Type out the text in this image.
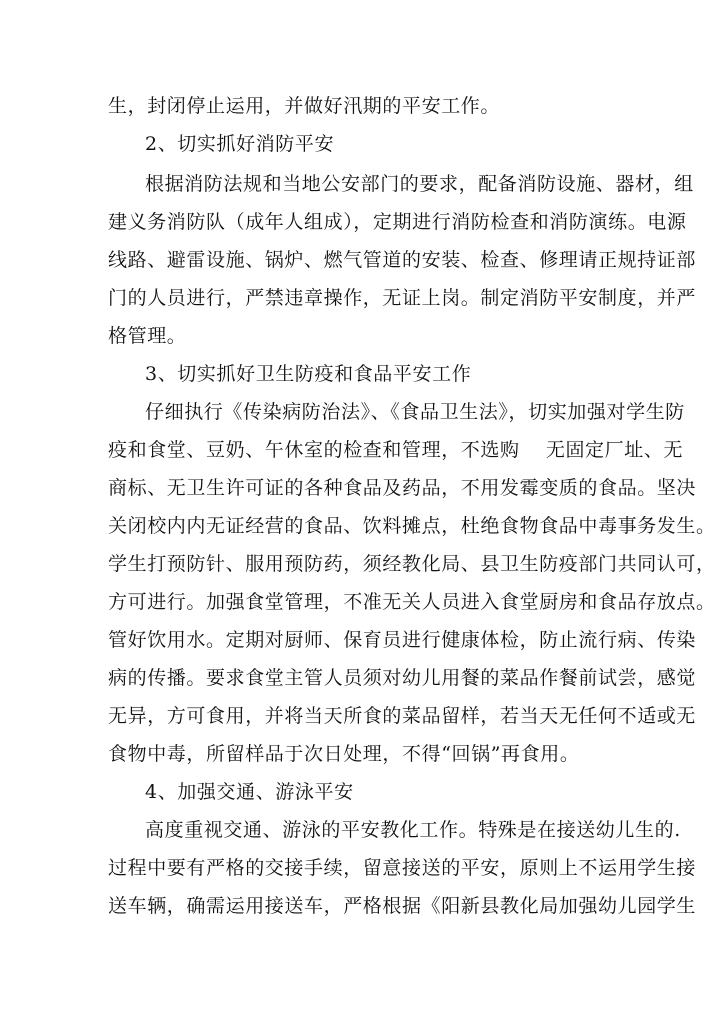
生，封闭停止运用，并做好汛期的平安工作。
2、切实抓好消防平安
根据消防法规和当地公安部门的要求，配备消防设施、器材，组
建义务消防队（成年人组成），定期进行消防检查和消防演练。电源
线路、避雷设施、锅炉、燃气管道的安装、检查、修理请正规持证部
门的人员进行，严禁违章操作，无证上岗。制定消防平安制度，并严
格管理。
3、切实抓好卫生防疫和食品平安工作
仔细执行《传染病防治法》、《食品卫生法》，切实加强对学生防
疫和食堂、豆奶、午休室的检查和管理，不选购　 无固定厂址、无
商标、无卫生许可证的各种食品及药品，不用发霉变质的食品。坚决
关闭校内内无证经营的食品、饮料摊点，杜绝食物食品中毒事务发生。
学生打预防针、服用预防药，须经教化局、县卫生防疫部门共同认可，
方可进行。加强食堂管理，不准无关人员进入食堂厨房和食品存放点。
管好饮用水。定期对厨师、保育员进行健康体检，防止流行病、传染
病的传播。要求食堂主管人员须对幼儿用餐的菜品作餐前试尝，感觉
无异，方可食用，并将当天所食的菜品留样，若当天无任何不适或无
食物中毒，所留样品于次日处理，不得“回锅”再食用。
4、加强交通、游泳平安
高度重视交通、游泳的平安教化工作。特殊是在接送幼儿生的.
过程中要有严格的交接手续，留意接送的平安，原则上不运用学生接
送车辆，确需运用接送车，严格根据《阳新县教化局加强幼儿园学生
